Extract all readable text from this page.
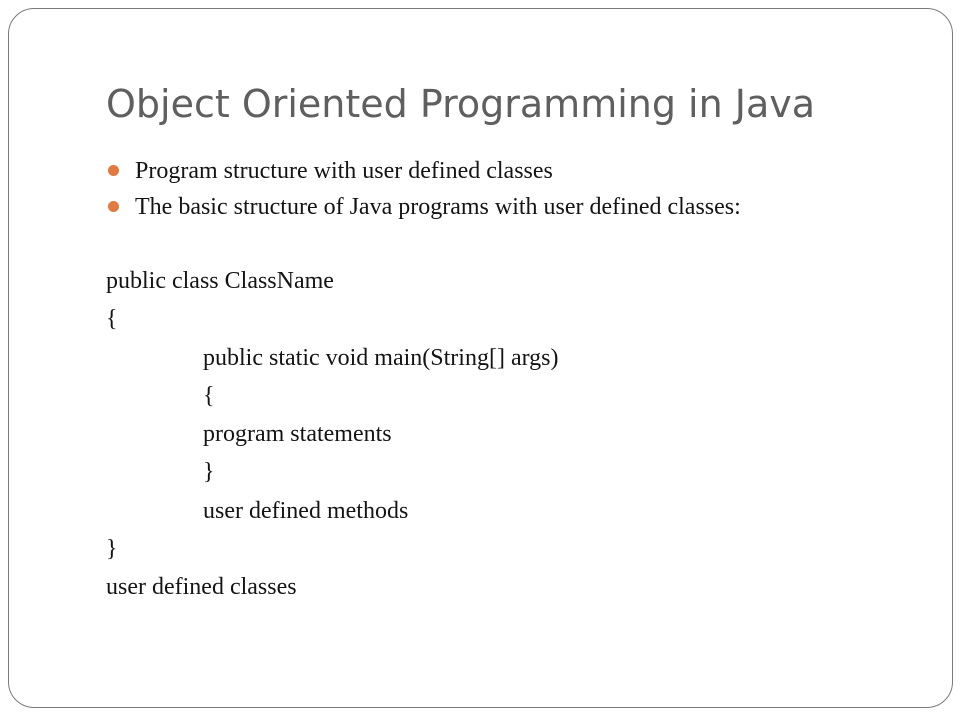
Object Oriented Programming in Java
Program structure with user defined classes
The basic structure of Java programs with user defined classes:
public class ClassName
{
public static void main(String[] args)
{
program statements
}
user defined methods
}
user defined classes
